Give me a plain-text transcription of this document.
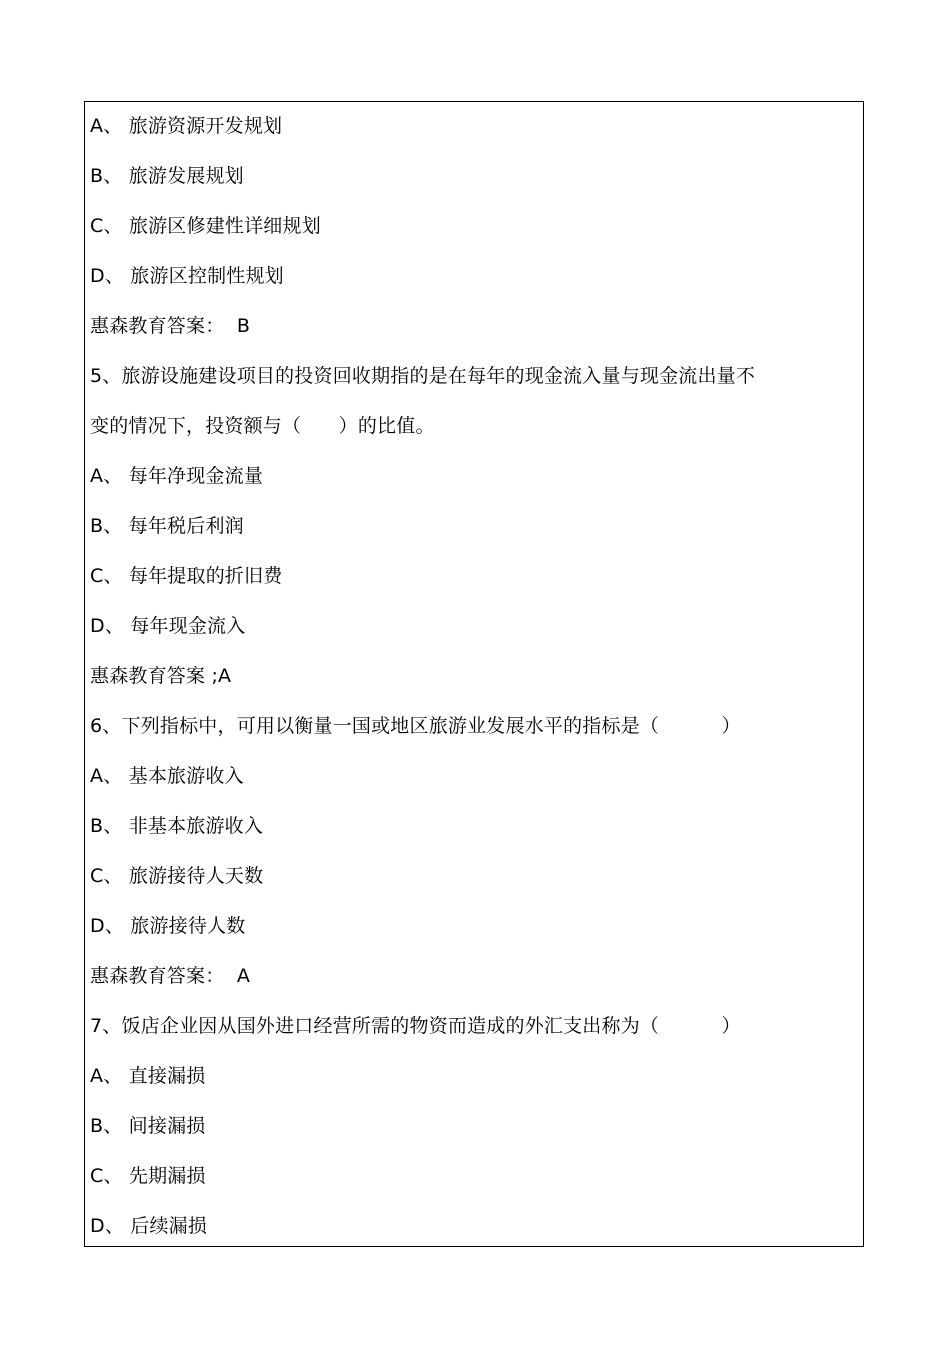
A、 旅游资源开发规划
B、 旅游发展规划
C、 旅游区修建性详细规划
D、 旅游区控制性规划
惠森教育答案：  B
5、旅游设施建设项目的投资回收期指的是在每年的现金流入量与现金流出量不
变的情况下，投资额与（      ）的比值。
A、 每年净现金流量
B、 每年税后利润
C、 每年提取的折旧费
D、 每年现金流入
惠森教育答案 ;A
6、下列指标中，可用以衡量一国或地区旅游业发展水平的指标是（          ）
A、 基本旅游收入
B、 非基本旅游收入
C、 旅游接待人天数
D、 旅游接待人数
惠森教育答案：  A
7、饭店企业因从国外进口经营所需的物资而造成的外汇支出称为（          ）
A、 直接漏损
B、 间接漏损
C、 先期漏损
D、 后续漏损
